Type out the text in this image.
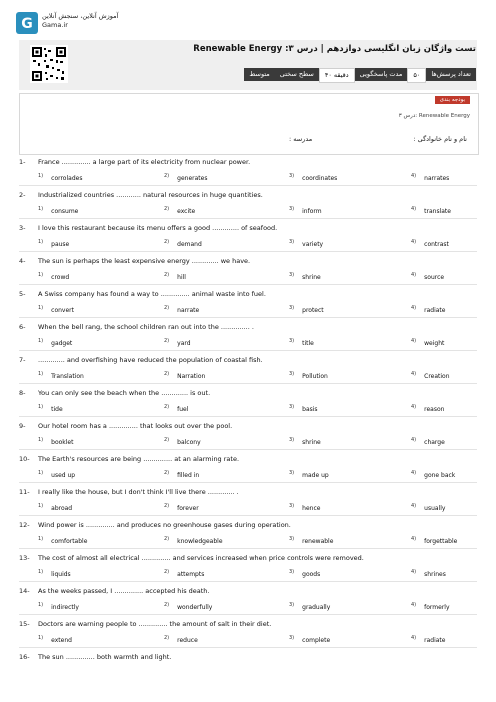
G آموزش آنلاین، سنجش آنلاین
Gama.ir
تست واژگان زبان انگلیسی دوازدهم | درس ۳: Renewable Energy
متوسط	سطح سختی	۴۰ دقیقه	مدت پاسخگویی	۵۰	تعداد پرسش‌ها
بودجه بندی
درس ۳: Renewable Energy
نام و نام خانوادگی :
مدرسه :
1- France .............. a large part of its electricity from nuclear power.
$^{1)}$ corrolades	$^{2)}$ generates	$^{3)}$ coordinates	$^{4)}$ narrates
2- Industrialized countries ............ natural resources in huge quantities.
$^{1)}$ consume	$^{2)}$ excite	$^{3)}$ inform	$^{4)}$ translate
3- I love this restaurant because its menu offers a good ............. of seafood.
$^{1)}$ pause	$^{2)}$ demand	$^{3)}$ variety	$^{4)}$ contrast
4- The sun is perhaps the least expensive energy ............. we have.
$^{1)}$ crowd	$^{2)}$ hill	$^{3)}$ shrine	$^{4)}$ source
5- A Swiss company has found a way to .............. animal waste into fuel.
$^{1)}$ convert	$^{2)}$ narrate	$^{3)}$ protect	$^{4)}$ radiate
6- When the bell rang, the school children ran out into the .............. .
$^{1)}$ gadget	$^{2)}$ yard	$^{3)}$ title	$^{4)}$ weight
7- ............. and overfishing have reduced the population of coastal fish.
$^{1)}$ Translation	$^{2)}$ Narration	$^{3)}$ Pollution	$^{4)}$ Creation
8- You can only see the beach when the ............. is out.
$^{1)}$ tide	$^{2)}$ fuel	$^{3)}$ basis	$^{4)}$ reason
9- Our hotel room has a .............. that looks out over the pool.
$^{1)}$ booklet	$^{2)}$ balcony	$^{3)}$ shrine	$^{4)}$ charge
10- The Earth's resources are being .............. at an alarming rate.
$^{1)}$ used up	$^{2)}$ filled in	$^{3)}$ made up	$^{4)}$ gone back
11- I really like the house, but I don't think I'll live there ............. .
$^{1)}$ abroad	$^{2)}$ forever	$^{3)}$ hence	$^{4)}$ usually
12- Wind power is .............. and produces no greenhouse gases during operation.
$^{1)}$ comfortable	$^{2)}$ knowledgeable	$^{3)}$ renewable	$^{4)}$ forgettable
13- The cost of almost all electrical .............. and services increased when price controls were removed.
$^{1)}$ liquids	$^{2)}$ attempts	$^{3)}$ goods	$^{4)}$ shrines
14- As the weeks passed, I .............. accepted his death.
$^{1)}$ indirectly	$^{2)}$ wonderfully	$^{3)}$ gradually	$^{4)}$ formerly
15- Doctors are warning people to .............. the amount of salt in their diet.
$^{1)}$ extend	$^{2)}$ reduce	$^{3)}$ complete	$^{4)}$ radiate
16- The sun .............. both warmth and light.
